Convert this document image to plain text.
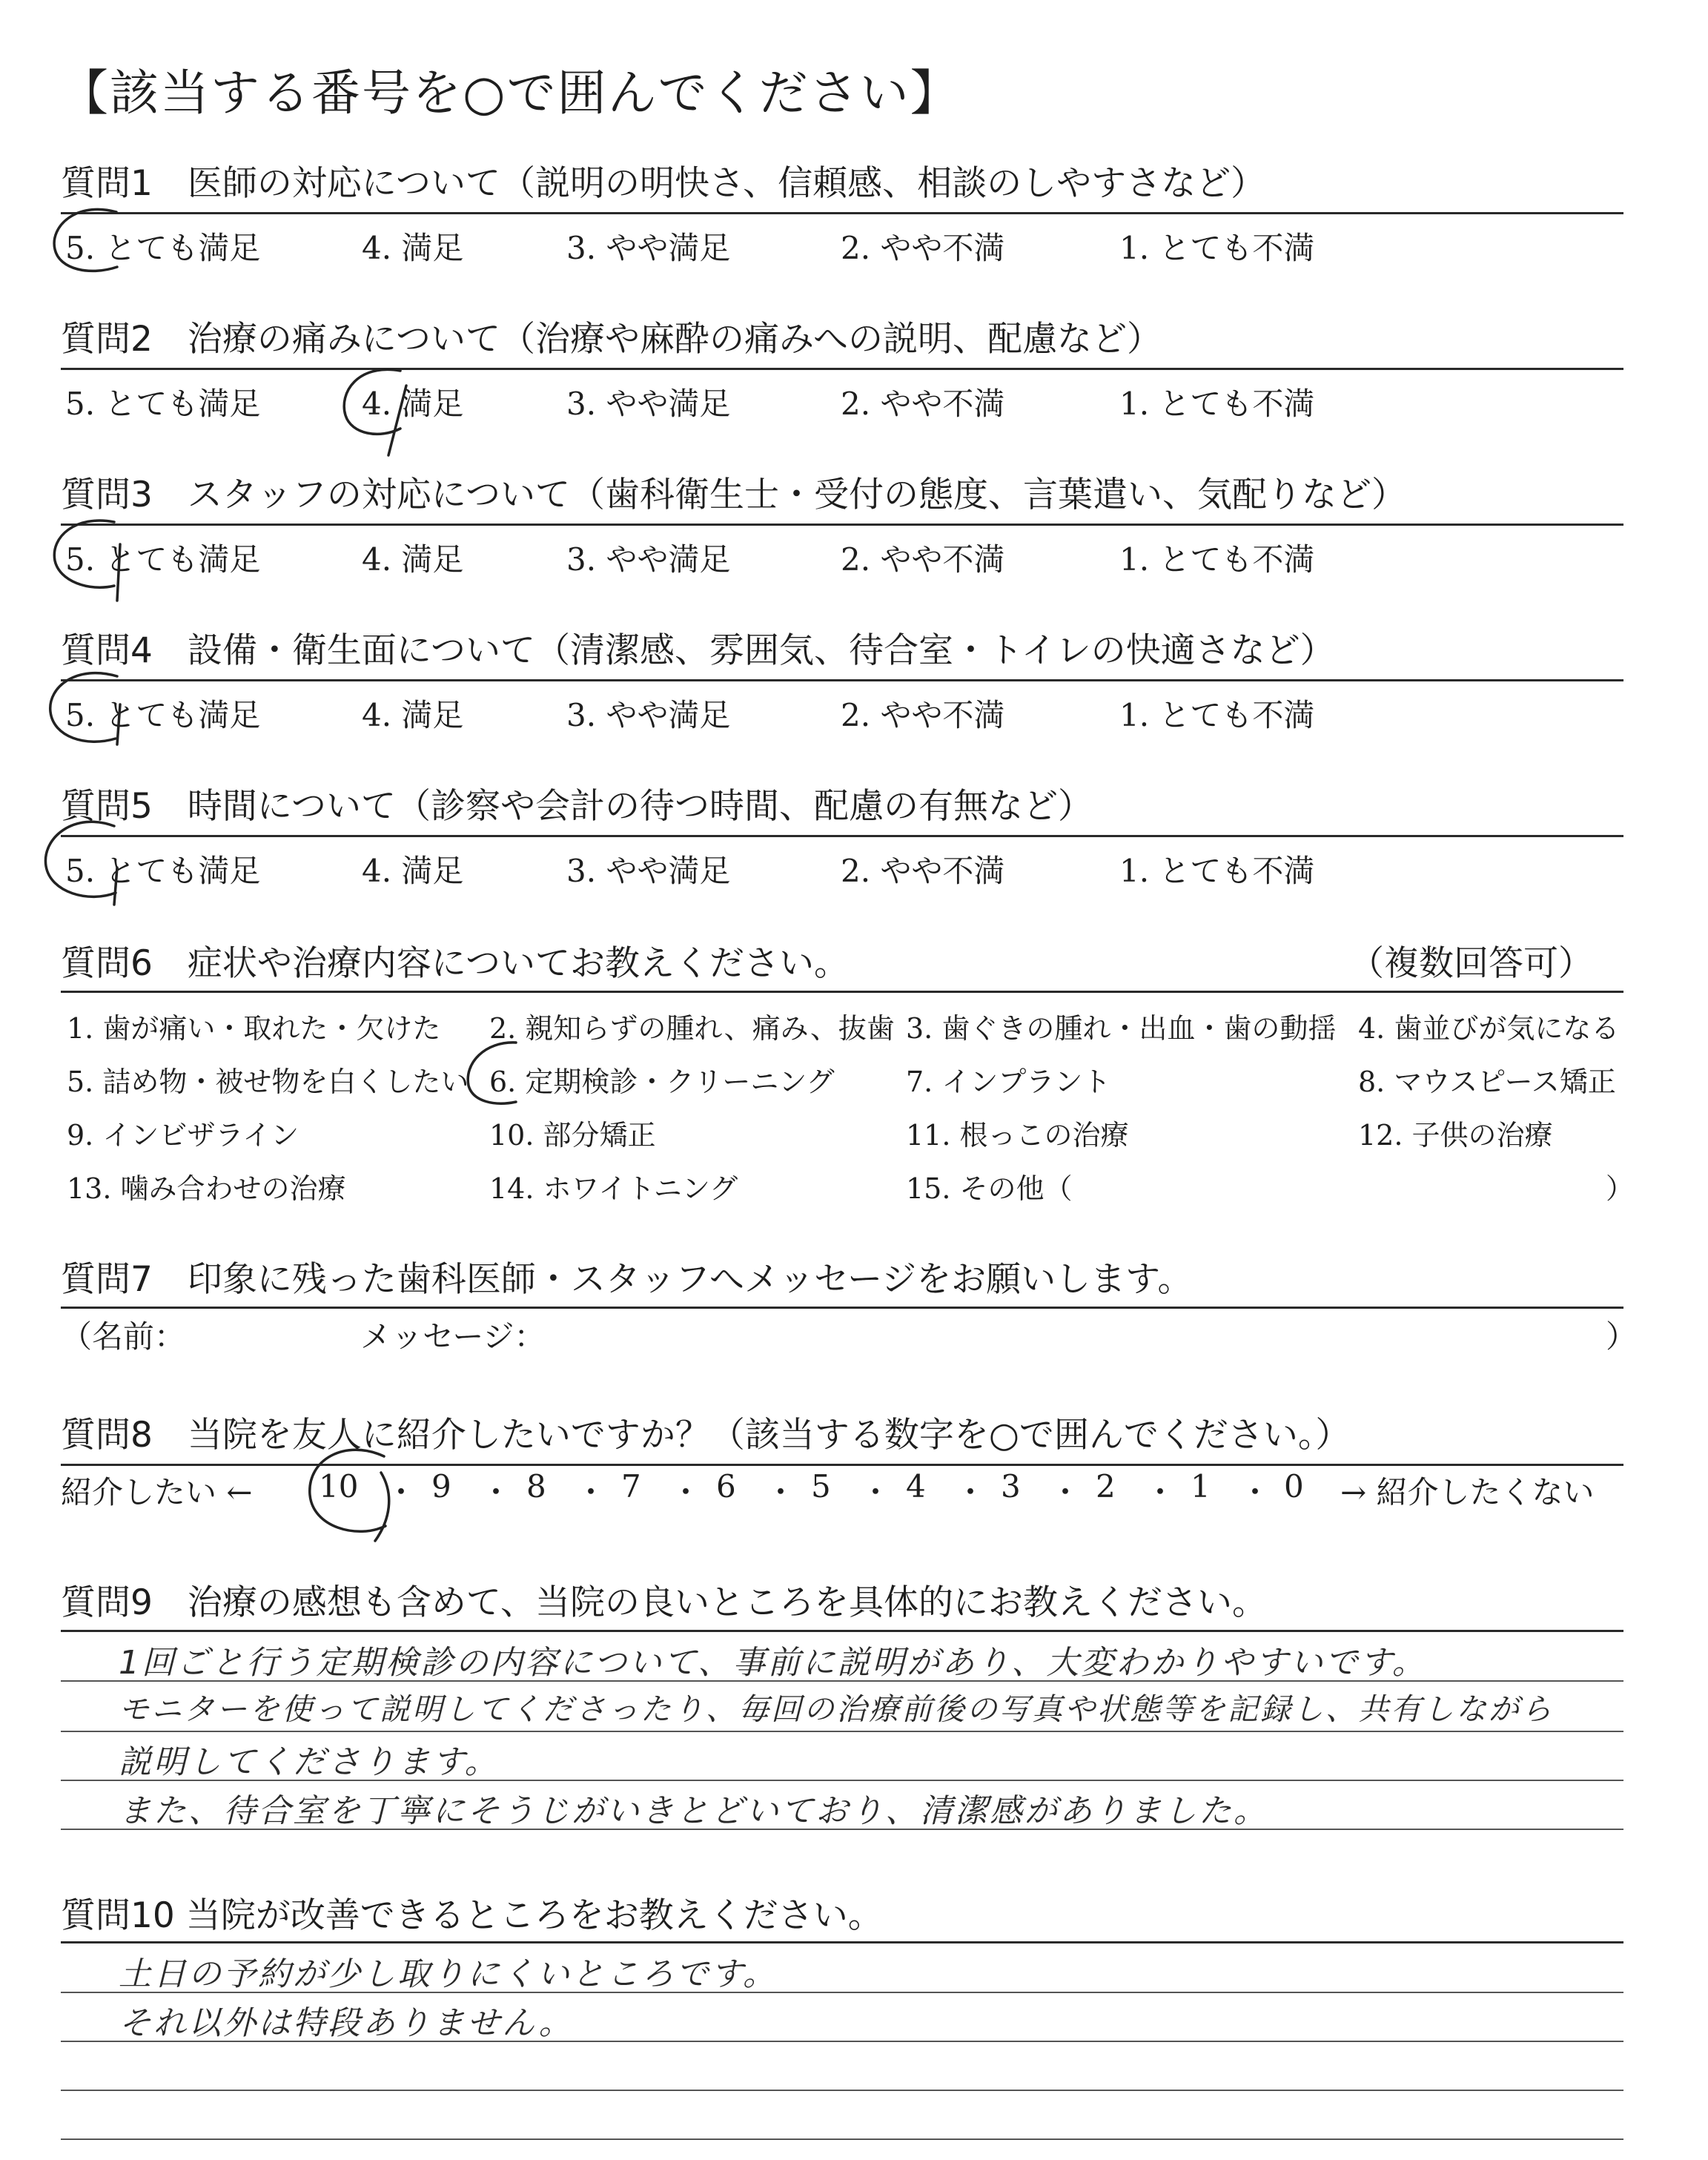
【該当する番号を○で囲んでください】
質問1　医師の対応について（説明の明快さ、信頼感、相談のしやすさなど）
5. とても満足	4. 満足	3. やや満足	2. やや不満	1. とても不満
質問2　治療の痛みについて（治療や麻酔の痛みへの説明、配慮など）
5. とても満足	4. 満足	3. やや満足	2. やや不満	1. とても不満
質問3　スタッフの対応について（歯科衛生士・受付の態度、言葉遣い、気配りなど）
5. とても満足	4. 満足	3. やや満足	2. やや不満	1. とても不満
質問4　設備・衛生面について（清潔感、雰囲気、待合室・トイレの快適さなど）
5. とても満足	4. 満足	3. やや満足	2. やや不満	1. とても不満
質問5　時間について（診察や会計の待つ時間、配慮の有無など）
5. とても満足	4. 満足	3. やや満足	2. やや不満	1. とても不満
質問6　症状や治療内容についてお教えください。	（複数回答可）
1. 歯が痛い・取れた・欠けた 2. 親知らずの腫れ、痛み、抜歯 3. 歯ぐきの腫れ・出血・歯の動揺 4. 歯並びが気になる
5. 詰め物・被せ物を白くしたい 6. 定期検診・クリーニング	7. インプラント	8. マウスピース矯正
9. インビザライン	10. 部分矯正	11. 根っこの治療	12. 子供の治療
13. 噛み合わせの治療	14. ホワイトニング	15. その他（	）
質問7　印象に残った歯科医師・スタッフへメッセージをお願いします。
（名前：	メッセージ：	）
質問8　当院を友人に紹介したいですか？（該当する数字を○で囲んでください。）
紹介したい ← 10 ・ 9 ・ 8 ・ 7 ・ 6 ・ 5 ・ 4 ・ 3 ・ 2 ・ 1 ・ 0 → 紹介したくない
質問9　治療の感想も含めて、当院の良いところを具体的にお教えください。
1回ごと行う定期検診の内容について、事前に説明があり、大変わかりやすいです。
モニターを使って説明してくださったり、毎回の治療前後の写真や状態等を記録し、共有しながら
説明してくださります。
また、待合室を丁寧にそうじがいきとどいており、清潔感がありました。
質問10 当院が改善できるところをお教えください。
土日の予約が少し取りにくいところです。
それ以外は特段ありません。
